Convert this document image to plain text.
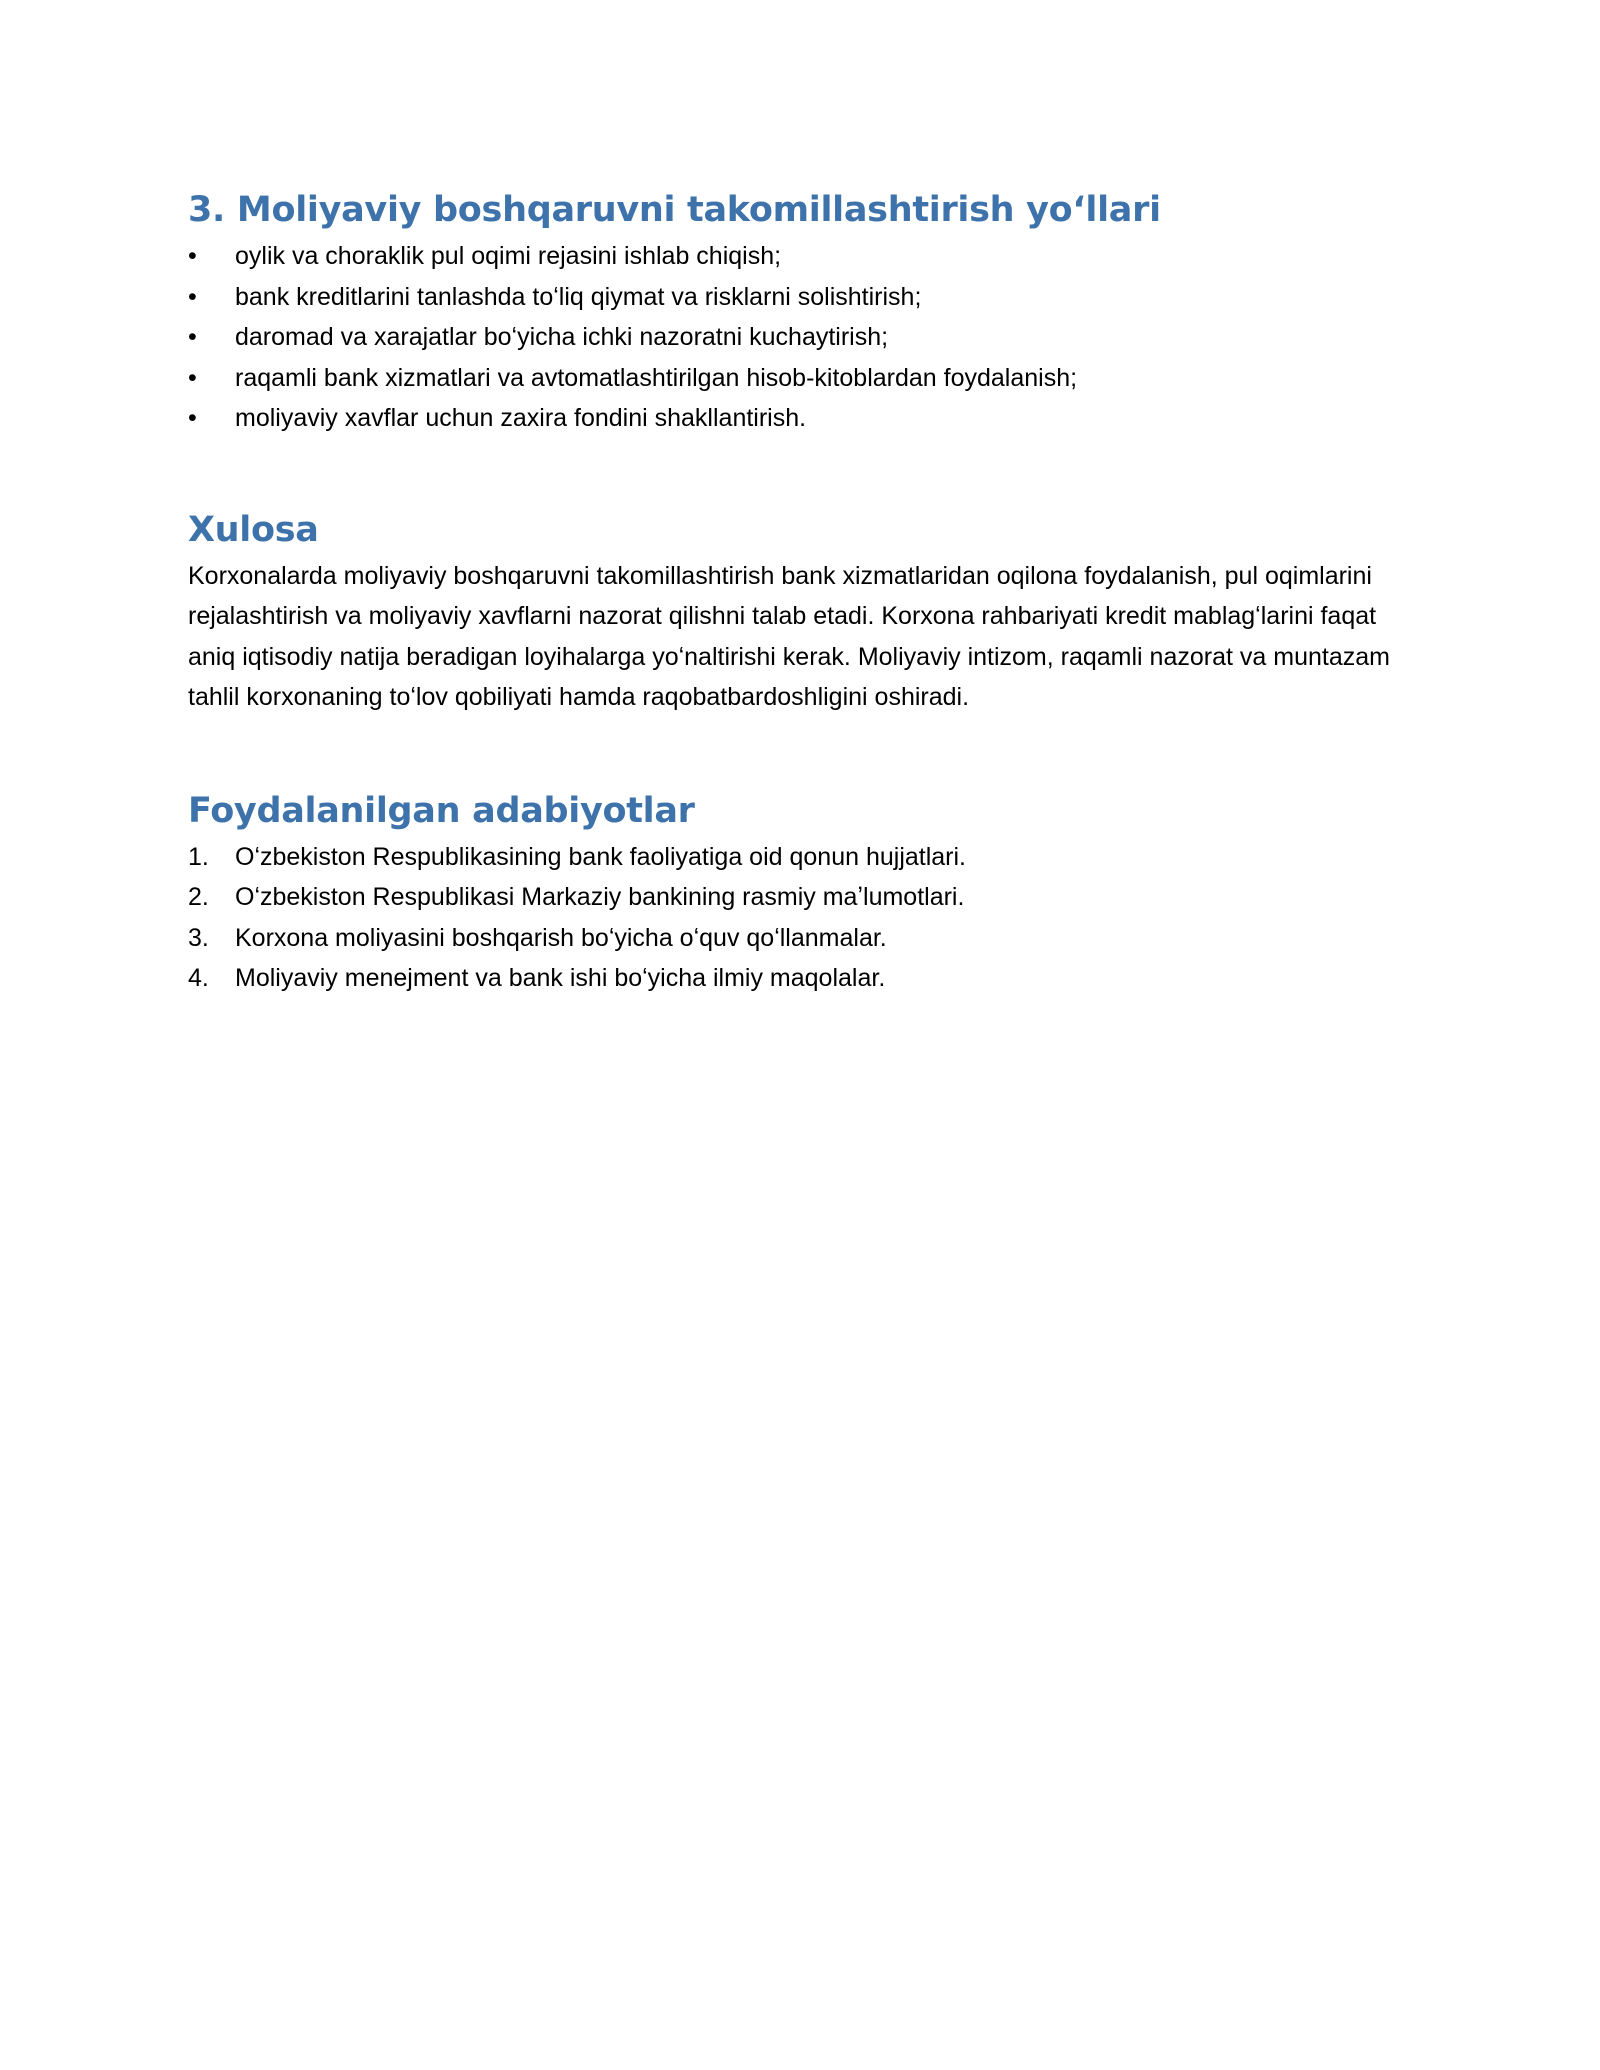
3. Moliyaviy boshqaruvni takomillashtirish yoʻllari
•	oylik va choraklik pul oqimi rejasini ishlab chiqish;
•	bank kreditlarini tanlashda toʻliq qiymat va risklarni solishtirish;
•	daromad va xarajatlar boʻyicha ichki nazoratni kuchaytirish;
•	raqamli bank xizmatlari va avtomatlashtirilgan hisob-kitoblardan foydalanish;
•	moliyaviy xavflar uchun zaxira fondini shakllantirish.
Xulosa

Korxonalarda moliyaviy boshqaruvni takomillashtirish bank xizmatlaridan oqilona foydalanish, pul oqimlarini rejalashtirish va moliyaviy xavflarni nazorat qilishni talab etadi. Korxona rahbariyati kredit mablagʻlarini faqat aniq iqtisodiy natija beradigan loyihalarga yoʻnaltirishi kerak. Moliyaviy intizom, raqamli nazorat va muntazam tahlil korxonaning toʻlov qobiliyati hamda raqobatbardoshligini oshiradi.

Foydalanilgan adabiyotlar
1. Oʻzbekiston Respublikasining bank faoliyatiga oid qonun hujjatlari.
2. Oʻzbekiston Respublikasi Markaziy bankining rasmiy maʼlumotlari.
3. Korxona moliyasini boshqarish boʻyicha oʻquv qoʻllanmalar.
4. Moliyaviy menejment va bank ishi boʻyicha ilmiy maqolalar.
